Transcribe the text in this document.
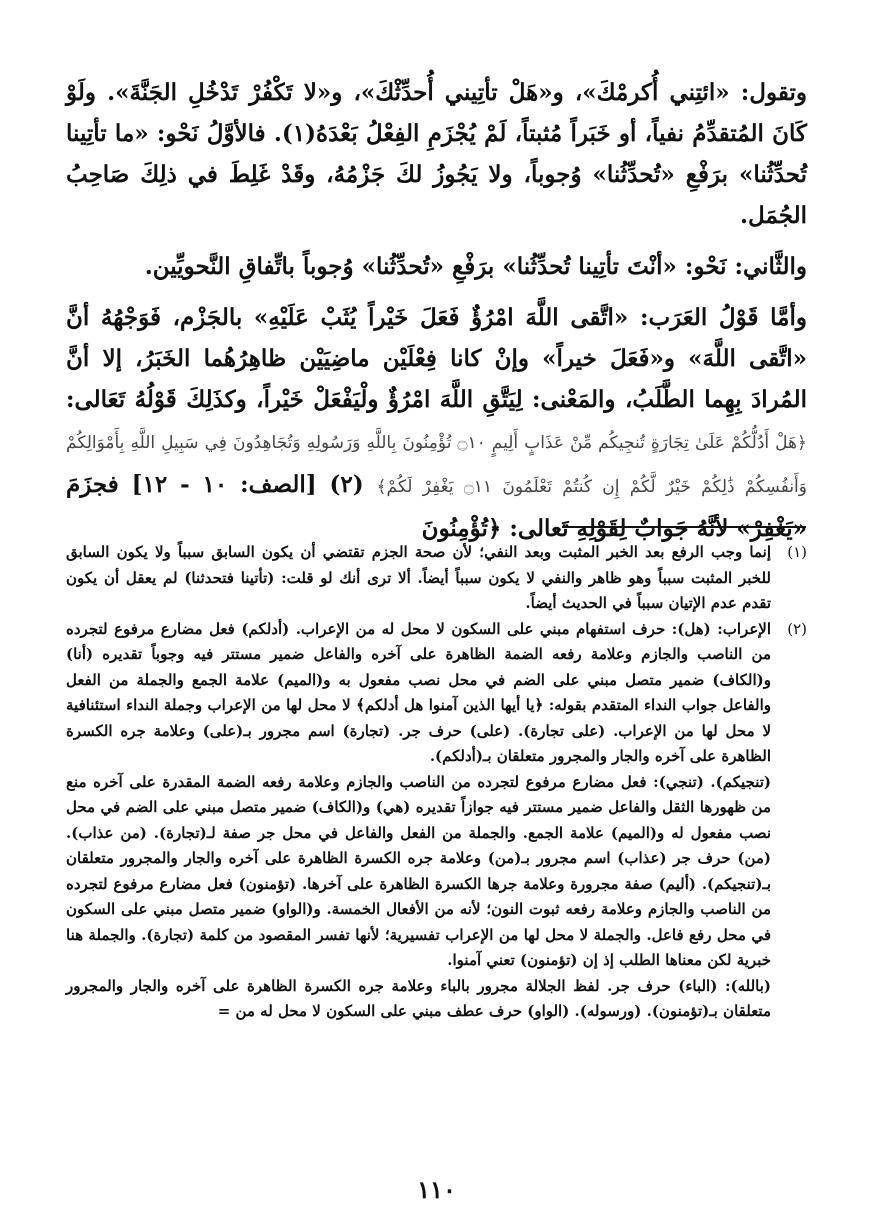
وتقول: «ائتِني أُكرمْكَ»، و«هَلْ تأتِيني أُحدِّثْكَ»، و«لا تَكْفُرْ تَدْخُلِ الجَنَّةَ». ولَوْ كَانَ المُتقدِّمُ نفياً، أو خَبَراً مُثبتاً، لَمْ يُجْزَمِ الفِعْلُ بَعْدَهُ(١). فالأوَّلُ نَحْو: «ما تأتِينا تُحدِّثُنا» برَفْعِ «تُحدِّثُنا» وُجوباً، ولا يَجُوزُ لكَ جَزْمُهُ، وقَدْ غَلِطَ في ذلِكَ صَاحِبُ الجُمَل.

والثَّاني: نَحْو: «أنْتَ تأتِينا تُحدِّثُنا» برَفْعِ «تُحدِّثُنا» وُجوباً باتِّفاقِ النَّحويِّين.

وأمَّا قَوْلُ العَرَب: «اتَّقى اللَّهَ امْرُؤٌ فَعَلَ خَيْراً يُثَبْ عَلَيْهِ» بالجَزْم، فَوَجْهُهُ أنَّ «اتَّقى اللَّهَ» و«فَعَلَ خيراً» وإنْ كانا فِعْلَيْن ماضِيَيْن ظاهِرُهُما الخَبَرُ، إلا أنَّ المُرادَ بِهِما الطَّلَبُ، والمَعْنى: لِيَتَّقِ اللَّهَ امْرُؤٌ ولْيَفْعَلْ خَيْراً، وكذَلِكَ قَوْلُهُ تَعَالى: ﴿هَلْ أَدُلُّكُمْ عَلَىٰ تِجَارَةٍ تُنجِيكُم مِّنْ عَذَابٍ أَلِيمٍ ۝١٠ تُؤْمِنُونَ بِاللَّهِ وَرَسُولِهِ وَتُجَاهِدُونَ فِي سَبِيلِ اللَّهِ بِأَمْوَالِكُمْ وَأَنفُسِكُمْ ذَٰلِكُمْ خَيْرٌ لَّكُمْ إِن كُنتُمْ تَعْلَمُونَ ۝١١ يَغْفِرْ لَكُمْ﴾ (٢) [الصف: ١٠ - ١٢] فجزَمَ «يَغْفِرْ» لأنَّهُ جَوابٌ لِقَوْلِهِ تَعالى: ﴿تُؤْمِنُونَ

(١)

إنما وجب الرفع بعد الخبر المثبت وبعد النفي؛ لأن صحة الجزم تقتضي أن يكون السابق سبباً ولا يكون السابق للخبر المثبت سبباً وهو ظاهر والنفي لا يكون سبباً أيضاً. ألا ترى أنك لو قلت: (تأتينا فتحدثنا) لم يعقل أن يكون تقدم عدم الإتيان سبباً في الحديث أيضاً.

(٢)

الإعراب: (هل): حرف استفهام مبني على السكون لا محل له من الإعراب. (أدلكم) فعل مضارع مرفوع لتجرده من الناصب والجازم وعلامة رفعه الضمة الظاهرة على آخره والفاعل ضمير مستتر فيه وجوباً تقديره (أنا) و(الكاف) ضمير متصل مبني على الضم في محل نصب مفعول به و(الميم) علامة الجمع والجملة من الفعل والفاعل جواب النداء المتقدم بقوله: ﴿يا أيها الذين آمنوا هل أدلكم﴾ لا محل لها من الإعراب وجملة النداء استئنافية لا محل لها من الإعراب. (على تجارة). (على) حرف جر. (تجارة) اسم مجرور بـ(على) وعلامة جره الكسرة الظاهرة على آخره والجار والمجرور متعلقان بـ(أدلكم).

(تنجيكم). (تنجي): فعل مضارع مرفوع لتجرده من الناصب والجازم وعلامة رفعه الضمة المقدرة على آخره منع من ظهورها الثقل والفاعل ضمير مستتر فيه جوازاً تقديره (هي) و(الكاف) ضمير متصل مبني على الضم في محل نصب مفعول له و(الميم) علامة الجمع. والجملة من الفعل والفاعل في محل جر صفة لـ(تجارة). (من عذاب). (من) حرف جر (عذاب) اسم مجرور بـ(من) وعلامة جره الكسرة الظاهرة على آخره والجار والمجرور متعلقان بـ(تنجيكم). (أليم) صفة مجرورة وعلامة جرها الكسرة الظاهرة على آخرها. (تؤمنون) فعل مضارع مرفوع لتجرده من الناصب والجازم وعلامة رفعه ثبوت النون؛ لأنه من الأفعال الخمسة. و(الواو) ضمير متصل مبني على السكون في محل رفع فاعل. والجملة لا محل لها من الإعراب تفسيرية؛ لأنها تفسر المقصود من كلمة (تجارة). والجملة هنا خبرية لكن معناها الطلب إذ إن (تؤمنون) تعني آمنوا.

(بالله): (الباء) حرف جر. لفظ الجلالة مجرور بالباء وعلامة جره الكسرة الظاهرة على آخره والجار والمجرور متعلقان بـ(تؤمنون). (ورسوله). (الواو) حرف عطف مبني على السكون لا محل له من =

١١٠
